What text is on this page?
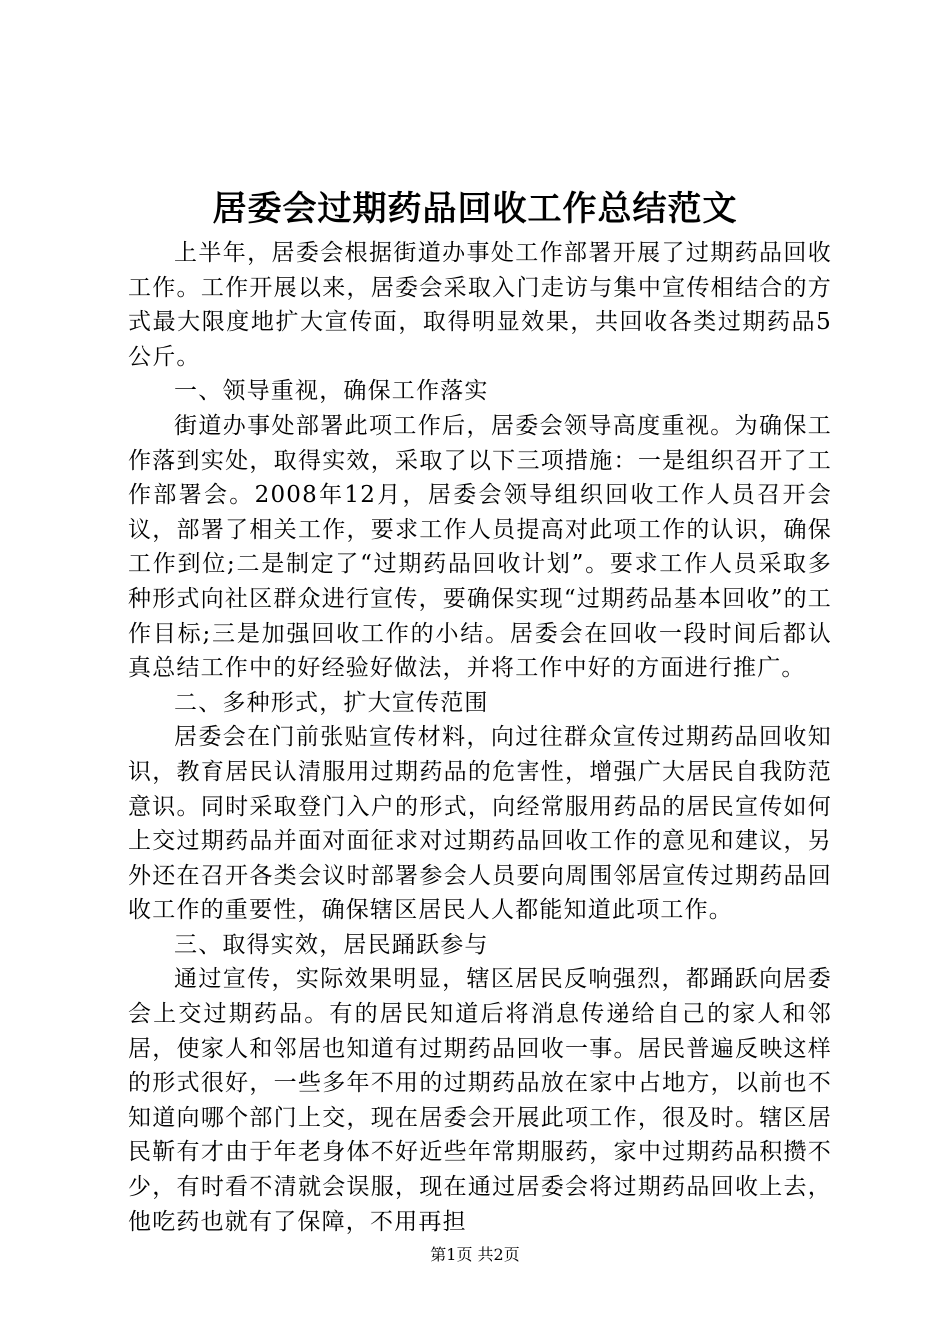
居委会过期药品回收工作总结范文

上半年，居委会根据街道办事处工作部署开展了过期药品回收工作。工作开展以来，居委会采取入门走访与集中宣传相结合的方式最大限度地扩大宣传面，取得明显效果，共回收各类过期药品5公斤。

一、领导重视，确保工作落实

街道办事处部署此项工作后，居委会领导高度重视。为确保工作落到实处，取得实效，采取了以下三项措施：一是组织召开了工作部署会。2008年12月，居委会领导组织回收工作人员召开会议，部署了相关工作，要求工作人员提高对此项工作的认识，确保工作到位;二是制定了“过期药品回收计划”。要求工作人员采取多种形式向社区群众进行宣传，要确保实现“过期药品基本回收”的工作目标;三是加强回收工作的小结。居委会在回收一段时间后都认真总结工作中的好经验好做法，并将工作中好的方面进行推广。

二、多种形式，扩大宣传范围

居委会在门前张贴宣传材料，向过往群众宣传过期药品回收知识，教育居民认清服用过期药品的危害性，增强广大居民自我防范意识。同时采取登门入户的形式，向经常服用药品的居民宣传如何上交过期药品并面对面征求对过期药品回收工作的意见和建议，另外还在召开各类会议时部署参会人员要向周围邻居宣传过期药品回收工作的重要性，确保辖区居民人人都能知道此项工作。

三、取得实效，居民踊跃参与

通过宣传，实际效果明显，辖区居民反响强烈，都踊跃向居委会上交过期药品。有的居民知道后将消息传递给自己的家人和邻居，使家人和邻居也知道有过期药品回收一事。居民普遍反映这样的形式很好，一些多年不用的过期药品放在家中占地方，以前也不知道向哪个部门上交，现在居委会开展此项工作，很及时。辖区居民靳有才由于年老身体不好近些年常期服药，家中过期药品积攒不少，有时看不清就会误服，现在通过居委会将过期药品回收上去，他吃药也就有了保障，不用再担

第1页 共2页
